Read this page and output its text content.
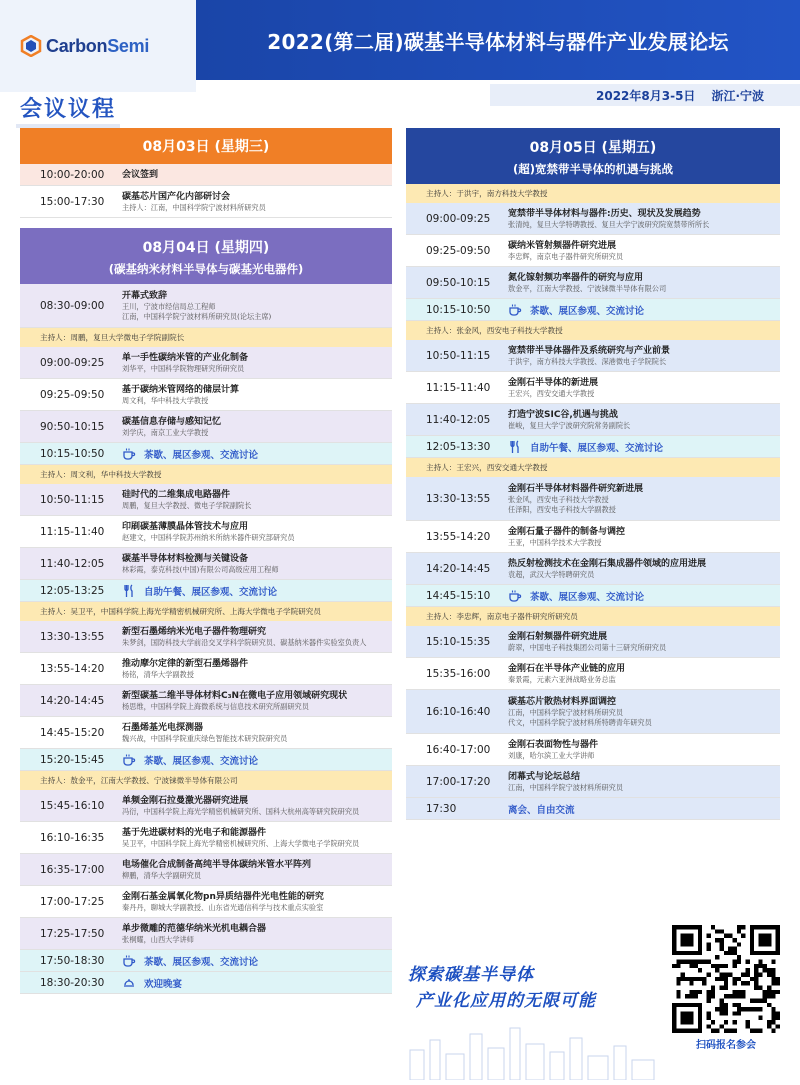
CarbonSemi	2022(第二届)碳基半导体材料与器件产业发展论坛
2022年8月3-5日 浙江·宁波
会议议程
08月03日 (星期三)
10:00-20:00	会议签到
15:00-17:30	碳基芯片国产化内部研讨会
主持人：江南，中国科学院宁波材料所研究员
08月04日 (星期四)
(碳基纳米材料半导体与碳基光电器件)
08:30-09:00
开幕式致辞
王川，宁波市经信局总工程师
江南，中国科学院宁波材料所研究员(论坛主席)
主持人：周鹏，复旦大学微电子学院副院长
09:00-09:25	单一手性碳纳米管的产业化制备
刘华平，中国科学院物理研究所研究员
09:25-09:50	基于碳纳米管网络的储层计算
周文利，华中科技大学教授
90:50-10:15	碳基信息存储与感知记忆
刘学庆，南京工业大学教授
10:15-10:50	茶歇、展区参观、交流讨论
主持人：周文利，华中科技大学教授
10:50-11:15	硅时代的二维集成电路器件
周鹏，复旦大学教授、微电子学院副院长
11:15-11:40	印刷碳基薄膜晶体管技术与应用
赵建文，中国科学院苏州纳米所纳米器件研究部研究员
11:40-12:05	碳基半导体材料检测与关键设备
林彩霞，泰克科技(中国)有限公司高级应用工程师
12:05-13:25	自助午餐、展区参观、交流讨论
主持人：吴卫平，中国科学院上海光学精密机械研究所、上海大学微电子学院研究员
13:30-13:55	新型石墨烯纳米光电子器件物理研究
朱梦剑，国防科技大学前沿交叉学科学院研究员、碳基纳米器件实验室负责人
13:55-14:20	推动摩尔定律的新型石墨烯器件
杨铭，清华大学副教授
14:20-14:45	新型碳基二维半导体材料C₃N在微电子应用领域研究现状
杨思维，中国科学院上海微系统与信息技术研究所副研究员
14:45-15:20	石墨烯基光电探测器
魏兴战，中国科学院重庆绿色智能技术研究院研究员
15:20-15:45	茶歇、展区参观、交流讨论
主持人：敖金平，江南大学教授、宁波铼微半导体有限公司
15:45-16:10	单频金刚石拉曼激光器研究进展
冯衍，中国科学院上海光学精密机械研究所、国科大杭州高等研究院研究员
16:10-16:35	基于先进碳材料的光电子和能源器件
吴卫平，中国科学院上海光学精密机械研究所、上海大学微电子学院研究员
16:35-17:00	电场催化合成制备高纯半导体碳纳米管水平阵列
柳鹏，清华大学副研究员
17:00-17:25	金刚石基金属氧化物pn异质结器件光电性能的研究
秦丹丹，聊城大学副教授、山东省光通信科学与技术重点实验室
17:25-17:50	单步微雕的范德华纳米光机电耦合器
张桐耀，山西大学讲师
17:50-18:30	茶歇、展区参观、交流讨论
18:30-20:30	欢迎晚宴
08月05日 (星期五)
(超)宽禁带半导体的机遇与挑战
主持人：于洪宇，南方科技大学教授
09:00-09:25	宽禁带半导体材料与器件:历史、现状及发展趋势
张清纯，复旦大学特聘教授、复旦大学宁波研究院宽禁带所所长
09:25-09:50	碳纳米管射频器件研究进展
李忠辉，南京电子器件研究所研究员
09:50-10:15	氮化镓射频功率器件的研究与应用
敖金平，江南大学教授、宁波铼微半导体有限公司
10:15-10:50	茶歇、展区参观、交流讨论
主持人：张金风，西安电子科技大学教授
10:50-11:15	宽禁带半导体器件及系统研究与产业前景
于洪宇，南方科技大学教授、深港微电子学院院长
11:15-11:40	金刚石半导体的新进展
王宏兴，西安交通大学教授
11:40-12:05	打造宁波SIC谷,机遇与挑战
崔峻，复旦大学宁波研究院常务副院长
12:05-13:30	自助午餐、展区参观、交流讨论
主持人：王宏兴，西安交通大学教授
13:30-13:55
金刚石半导体材料器件研究新进展
张金风，西安电子科技大学教授
任泽阳，西安电子科技大学副教授
13:55-14:20	金刚石量子器件的制备与调控
王亚，中国科学技术大学教授
14:20-14:45	热反射检测技术在金刚石集成器件领域的应用进展
袁超，武汉大学特聘研究员
14:45-15:10	茶歇、展区参观、交流讨论
主持人：李忠辉，南京电子器件研究所研究员
15:10-15:35	金刚石射频器件研究进展
蔚翠，中国电子科技集团公司第十三研究所研究员
15:35-16:00	金刚石在半导体产业链的应用
秦景霞，元素六亚洲战略业务总监
16:10-16:40
碳基芯片散热材料界面调控
江南，中国科学院宁波材料所研究员
代文，中国科学院宁波材料所特聘青年研究员
16:40-17:00	金刚石表面物性与器件
刘康，哈尔滨工业大学讲师
17:00-17:20	闭幕式与论坛总结
江南，中国科学院宁波材料所研究员
17:30	离会、自由交流
探索碳基半导体
产业化应用的无限可能
扫码报名参会
